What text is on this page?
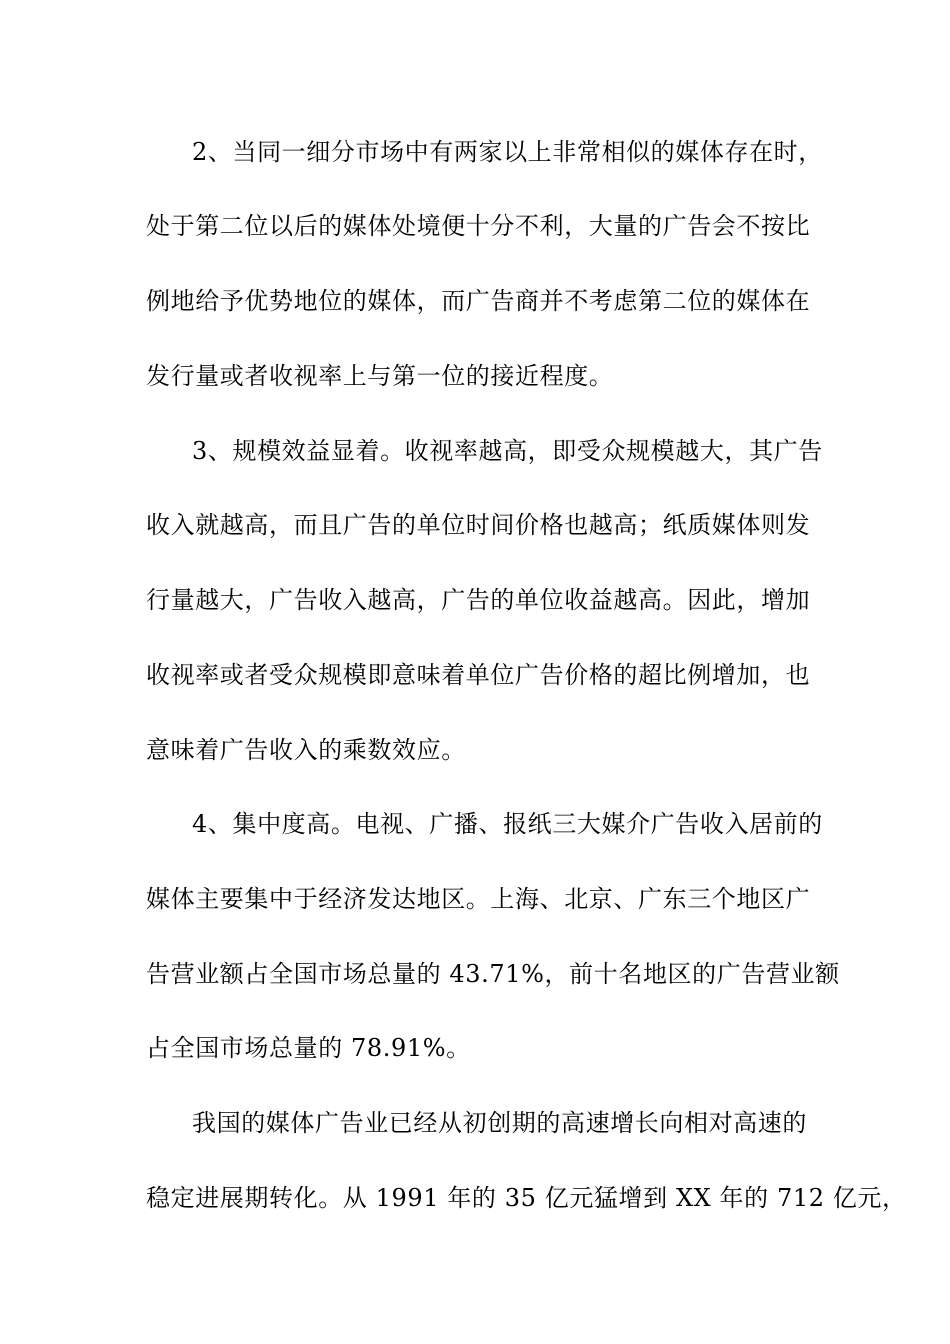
2、当同一细分市场中有两家以上非常相似的媒体存在时，
处于第二位以后的媒体处境便十分不利，大量的广告会不按比
例地给予优势地位的媒体，而广告商并不考虑第二位的媒体在
发行量或者收视率上与第一位的接近程度。
3、规模效益显着。收视率越高，即受众规模越大，其广告
收入就越高，而且广告的单位时间价格也越高；纸质媒体则发
行量越大，广告收入越高，广告的单位收益越高。因此，增加
收视率或者受众规模即意味着单位广告价格的超比例增加，也
意味着广告收入的乘数效应。
4、集中度高。电视、广播、报纸三大媒介广告收入居前的
媒体主要集中于经济发达地区。上海、北京、广东三个地区广
告营业额占全国市场总量的 43.71%，前十名地区的广告营业额
占全国市场总量的 78.91%。
我国的媒体广告业已经从初创期的高速增长向相对高速的
稳定进展期转化。从 1991 年的 35 亿元猛增到 XX 年的 712 亿元，
